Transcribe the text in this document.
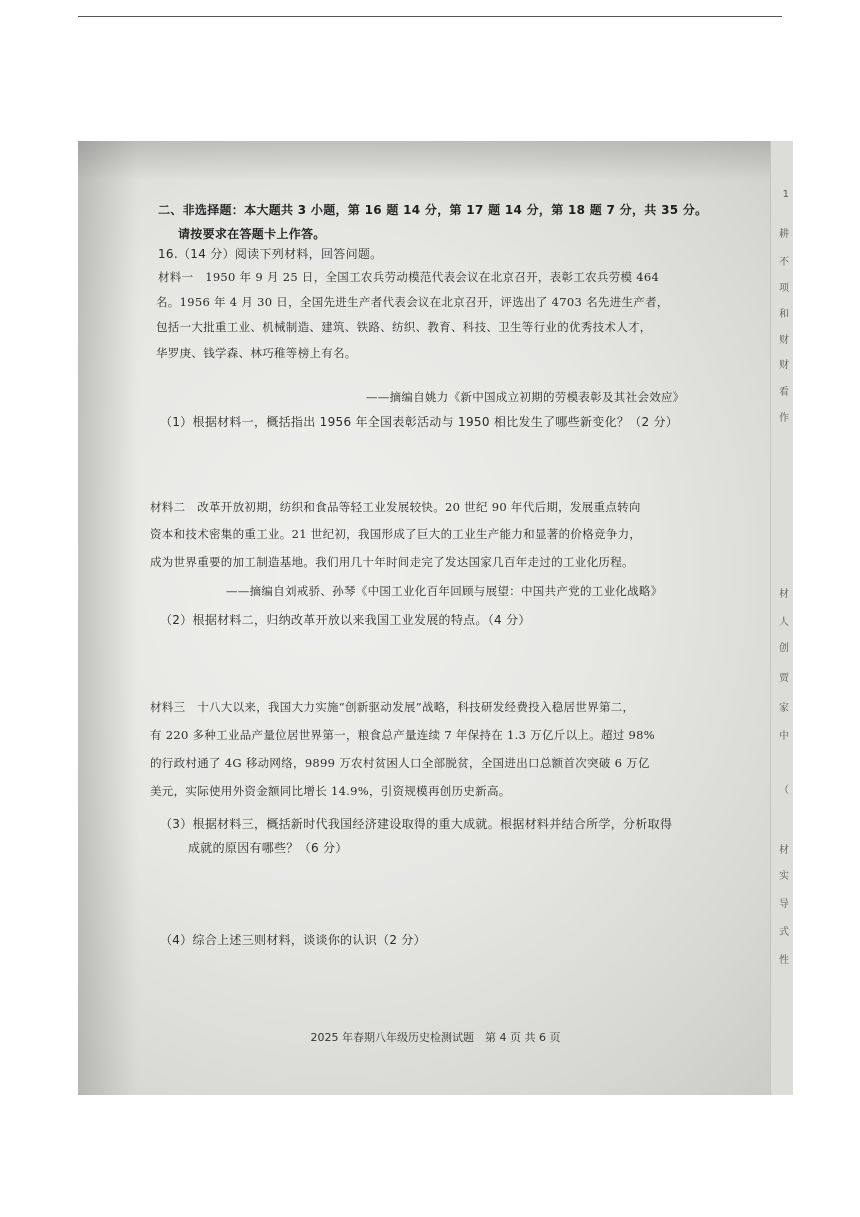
1
耕
不
项
和
财
财
看
作
材
人
创
贾
家
中
（
材
实
导
式
性
二、非选择题：本大题共 3 小题，第 16 题 14 分，第 17 题 14 分，第 18 题 7 分，共 35 分。
请按要求在答题卡上作答。
16.（14 分）阅读下列材料，回答问题。
材料一　1950 年 9 月 25 日，全国工农兵劳动模范代表会议在北京召开，表彰工农兵劳模 464
名。1956 年 4 月 30 日，全国先进生产者代表会议在北京召开，评选出了 4703 名先进生产者，
包括一大批重工业、机械制造、建筑、铁路、纺织、教育、科技、卫生等行业的优秀技术人才，
华罗庚、钱学森、林巧稚等榜上有名。
——摘编自姚力《新中国成立初期的劳模表彰及其社会效应》
（1）根据材料一，概括指出 1956 年全国表彰活动与 1950 相比发生了哪些新变化？（2 分）
材料二　改革开放初期，纺织和食品等轻工业发展较快。20 世纪 90 年代后期，发展重点转向
资本和技术密集的重工业。21 世纪初，我国形成了巨大的工业生产能力和显著的价格竞争力，
成为世界重要的加工制造基地。我们用几十年时间走完了发达国家几百年走过的工业化历程。
——摘编自刘戒骄、孙琴《中国工业化百年回顾与展望：中国共产党的工业化战略》
（2）根据材料二，归纳改革开放以来我国工业发展的特点。（4 分）
材料三　十八大以来，我国大力实施“创新驱动发展”战略，科技研发经费投入稳居世界第二，
有 220 多种工业品产量位居世界第一，粮食总产量连续 7 年保持在 1.3 万亿斤以上。超过 98%
的行政村通了 4G 移动网络，9899 万农村贫困人口全部脱贫，全国进出口总额首次突破 6 万亿
美元，实际使用外资金额同比增长 14.9%，引资规模再创历史新高。
（3）根据材料三，概括新时代我国经济建设取得的重大成就。根据材料并结合所学，分析取得
成就的原因有哪些？（6 分）
（4）综合上述三则材料，谈谈你的认识（2 分）
2025 年春期八年级历史检测试题　第 4 页 共 6 页
